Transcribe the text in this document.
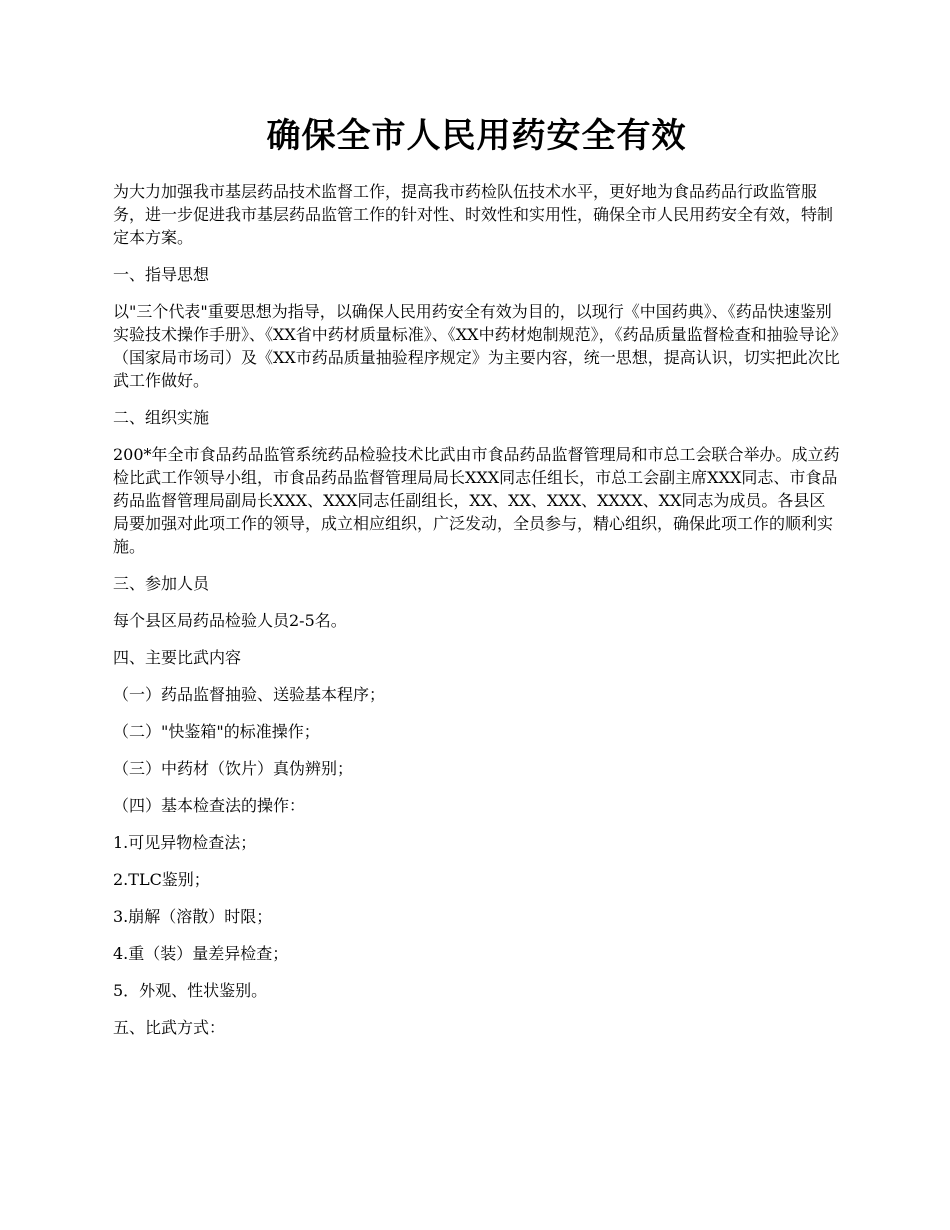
确保全市人民用药安全有效

为大力加强我市基层药品技术监督工作，提高我市药检队伍技术水平，更好地为食品药品行政监管服务，进一步促进我市基层药品监管工作的针对性、时效性和实用性，确保全市人民用药安全有效，特制定本方案。

一、指导思想

以"三个代表"重要思想为指导，以确保人民用药安全有效为目的，以现行《中国药典》、《药品快速鉴别实验技术操作手册》、《XX省中药材质量标准》、《XX中药材炮制规范》，《药品质量监督检查和抽验导论》（国家局市场司）及《XX市药品质量抽验程序规定》为主要内容，统一思想，提高认识，切实把此次比武工作做好。

二、组织实施

200*年全市食品药品监管系统药品检验技术比武由市食品药品监督管理局和市总工会联合举办。成立药检比武工作领导小组，市食品药品监督管理局局长XXX同志任组长，市总工会副主席XXX同志、市食品药品监督管理局副局长XXX、XXX同志任副组长，XX、XX、XXX、XXXX、XX同志为成员。各县区局要加强对此项工作的领导，成立相应组织，广泛发动，全员参与，精心组织，确保此项工作的顺利实施。

三、参加人员

每个县区局药品检验人员2-5名。

四、主要比武内容

（一）药品监督抽验、送验基本程序；

（二）"快鉴箱"的标准操作；

（三）中药材（饮片）真伪辨别；

（四）基本检查法的操作：

1.可见异物检查法；

2.TLC鉴别；

3.崩解（溶散）时限；

4.重（装）量差异检查；

5．外观、性状鉴别。

五、比武方式：
